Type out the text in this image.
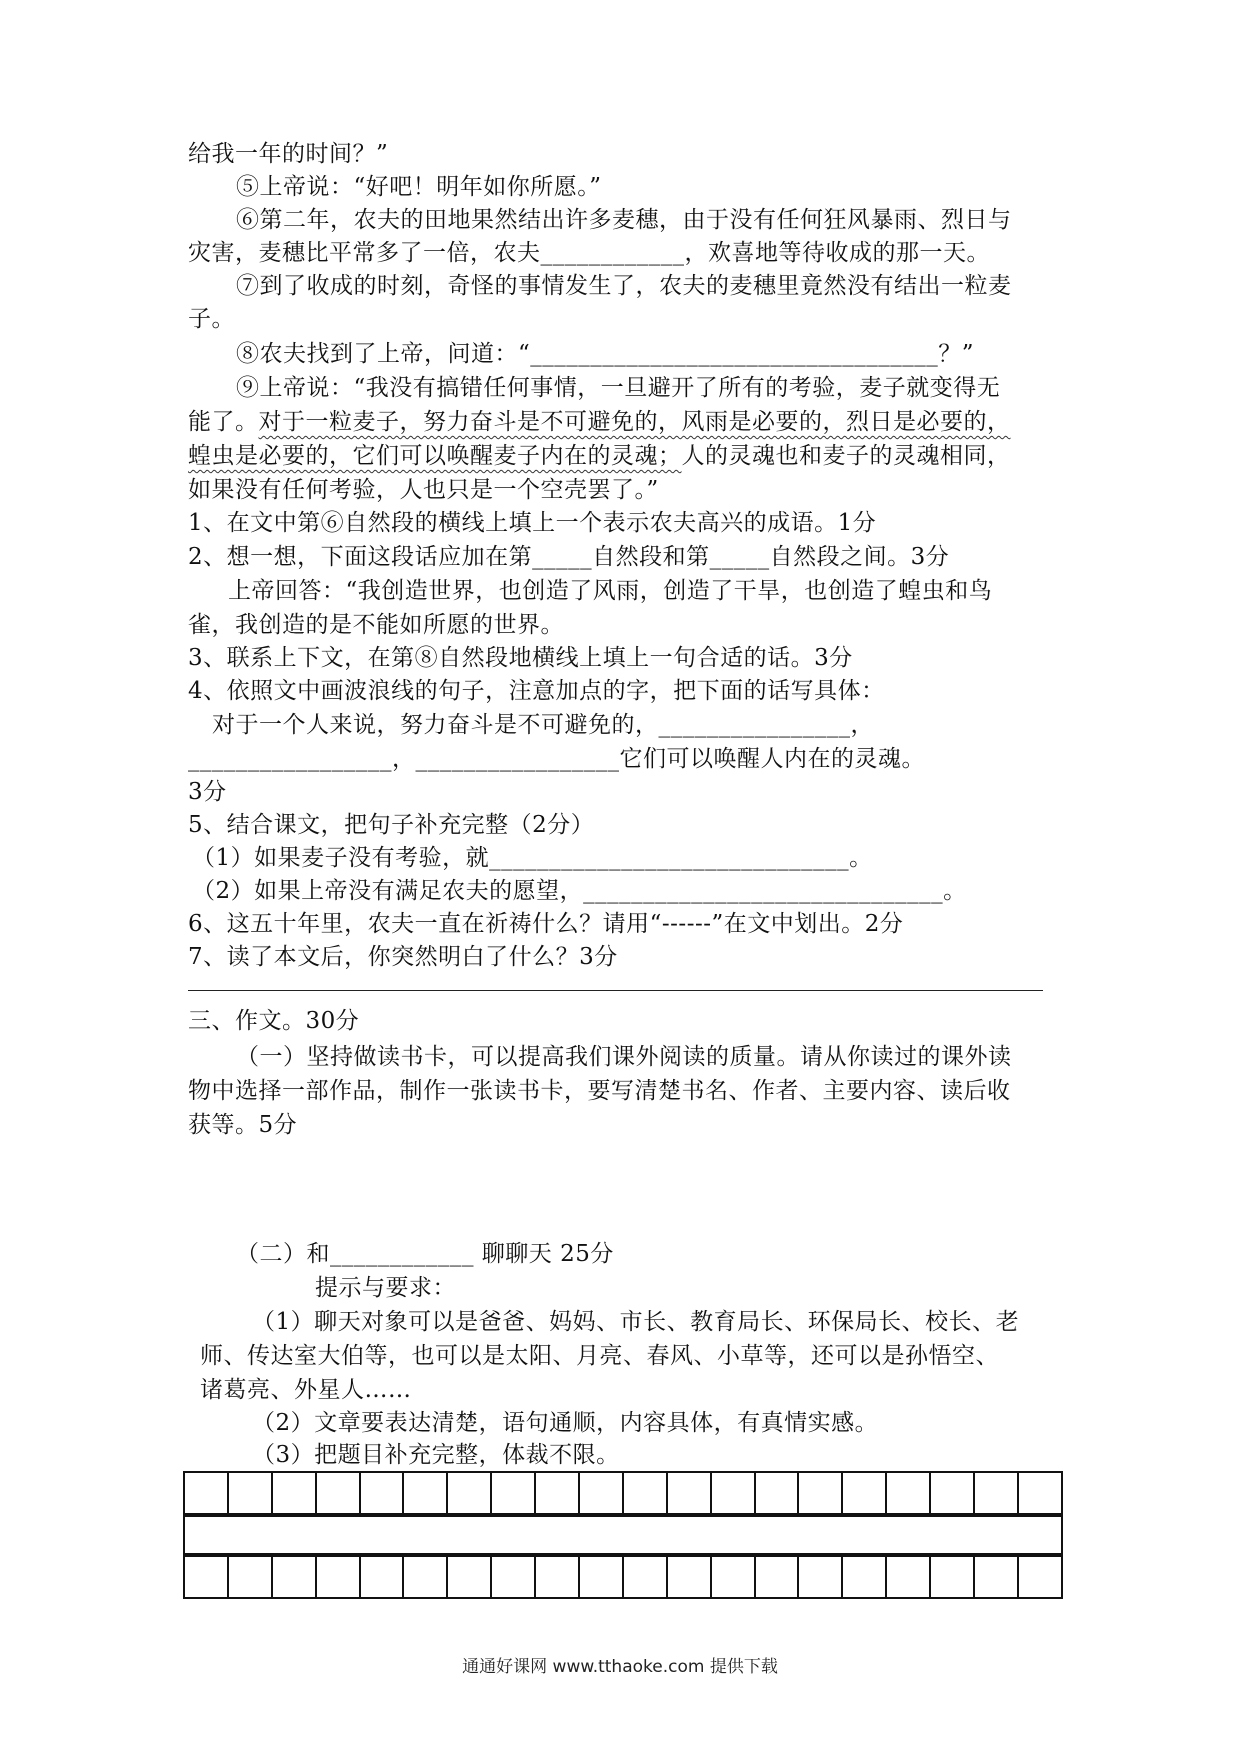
给我一年的时间？”

⑤上帝说：“好吧！明年如你所愿。”

⑥第二年，农夫的田地果然结出许多麦穗，由于没有任何狂风暴雨、烈日与

灾害，麦穗比平常多了一倍，农夫____________，欢喜地等待收成的那一天。

⑦到了收成的时刻，奇怪的事情发生了，农夫的麦穗里竟然没有结出一粒麦

子。

⑧农夫找到了上帝，问道：“__________________________________？”

⑨上帝说：“我没有搞错任何事情，一旦避开了所有的考验，麦子就变得无

能了。对于一粒麦子，努力奋斗是不可避免的，风雨是必要的，烈日是必要的，

蝗虫是必要的，它们可以唤醒麦子内在的灵魂；人的灵魂也和麦子的灵魂相同，

如果没有任何考验，人也只是一个空壳罢了。”

1、在文中第⑥自然段的横线上填上一个表示农夫高兴的成语。1分

2、想一想，下面这段话应加在第_____自然段和第_____自然段之间。3分

上帝回答：“我创造世界，也创造了风雨，创造了干旱，也创造了蝗虫和鸟

雀，我创造的是不能如所愿的世界。

3、联系上下文，在第⑧自然段地横线上填上一句合适的话。3分

4、依照文中画波浪线的句子，注意加点的字，把下面的话写具体：

对于一个人来说，努力奋斗是不可避免的，________________，

_________________，_________________它们可以唤醒人内在的灵魂。

3分

5、结合课文，把句子补充完整（2分）

（1）如果麦子没有考验，就______________________________。

（2）如果上帝没有满足农夫的愿望，______________________________。

6、这五十年里，农夫一直在祈祷什么？请用“------”在文中划出。2分

7、读了本文后，你突然明白了什么？3分

三、作文。30分

（一）坚持做读书卡，可以提高我们课外阅读的质量。请从你读过的课外读

物中选择一部作品，制作一张读书卡，要写清楚书名、作者、主要内容、读后收

获等。5分

（二）和____________ 聊聊天 25分

提示与要求：

（1）聊天对象可以是爸爸、妈妈、市长、教育局长、环保局长、校长、老

师、传达室大伯等，也可以是太阳、月亮、春风、小草等，还可以是孙悟空、

诸葛亮、外星人……

（2）文章要表达清楚，语句通顺，内容具体，有真情实感。

（3）把题目补充完整，体裁不限。

通通好课网 www.tthaoke.com 提供下载
